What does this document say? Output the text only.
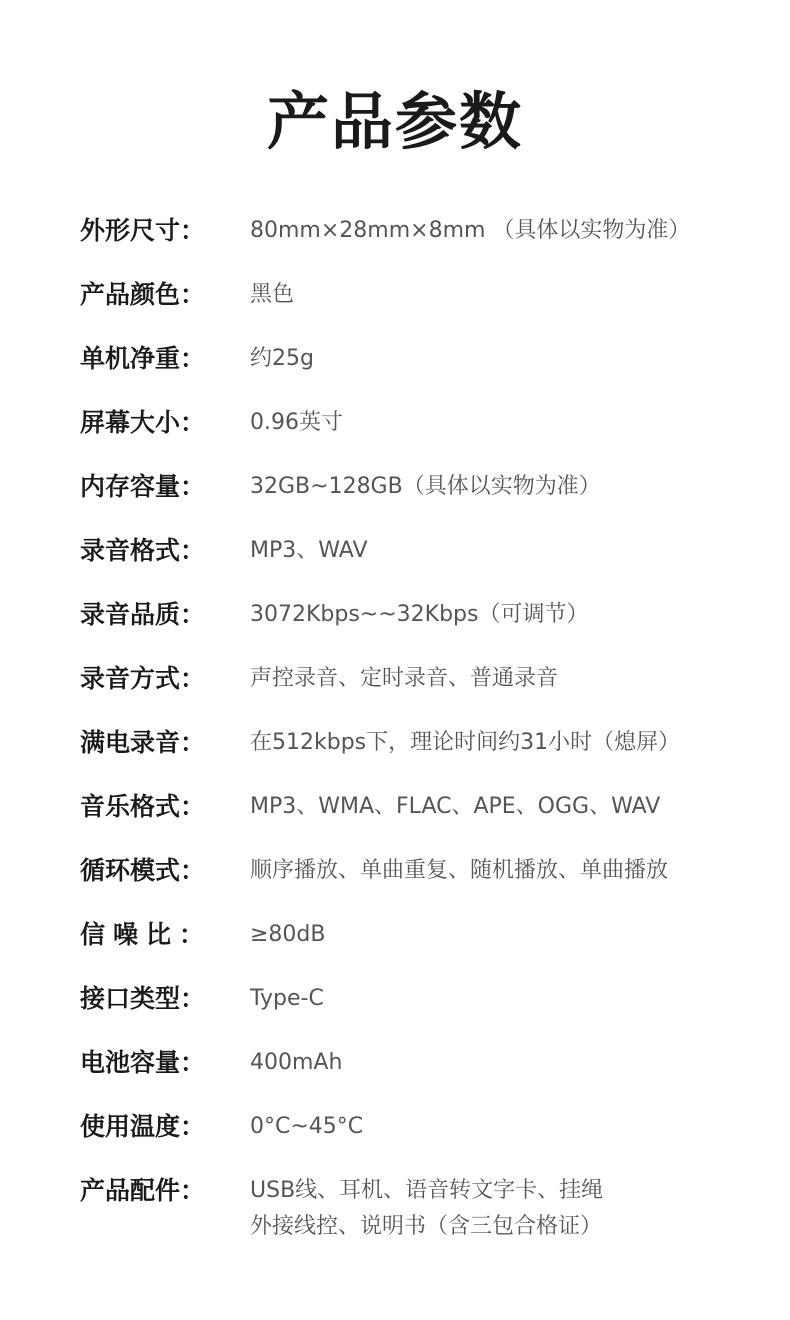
产品参数
外形尺寸：	80mm×28mm×8mm （具体以实物为准）
产品颜色：	黑色
单机净重：	约25g
屏幕大小：	0.96英寸
内存容量：	32GB~128GB（具体以实物为准）
录音格式：	MP3、WAV
录音品质：	3072Kbps~~32Kbps（可调节）
录音方式：	声控录音、定时录音、普通录音
满电录音：	在512kbps下，理论时间约31小时（熄屏）
音乐格式：	MP3、WMA、FLAC、APE、OGG、WAV
循环模式：	顺序播放、单曲重复、随机播放、单曲播放
信噪比：	≥80dB
接口类型：	Type-C
电池容量：	400mAh
使用温度：	0°C~45°C
产品配件：	USB线、耳机、语音转文字卡、挂绳
外接线控、说明书（含三包合格证）
